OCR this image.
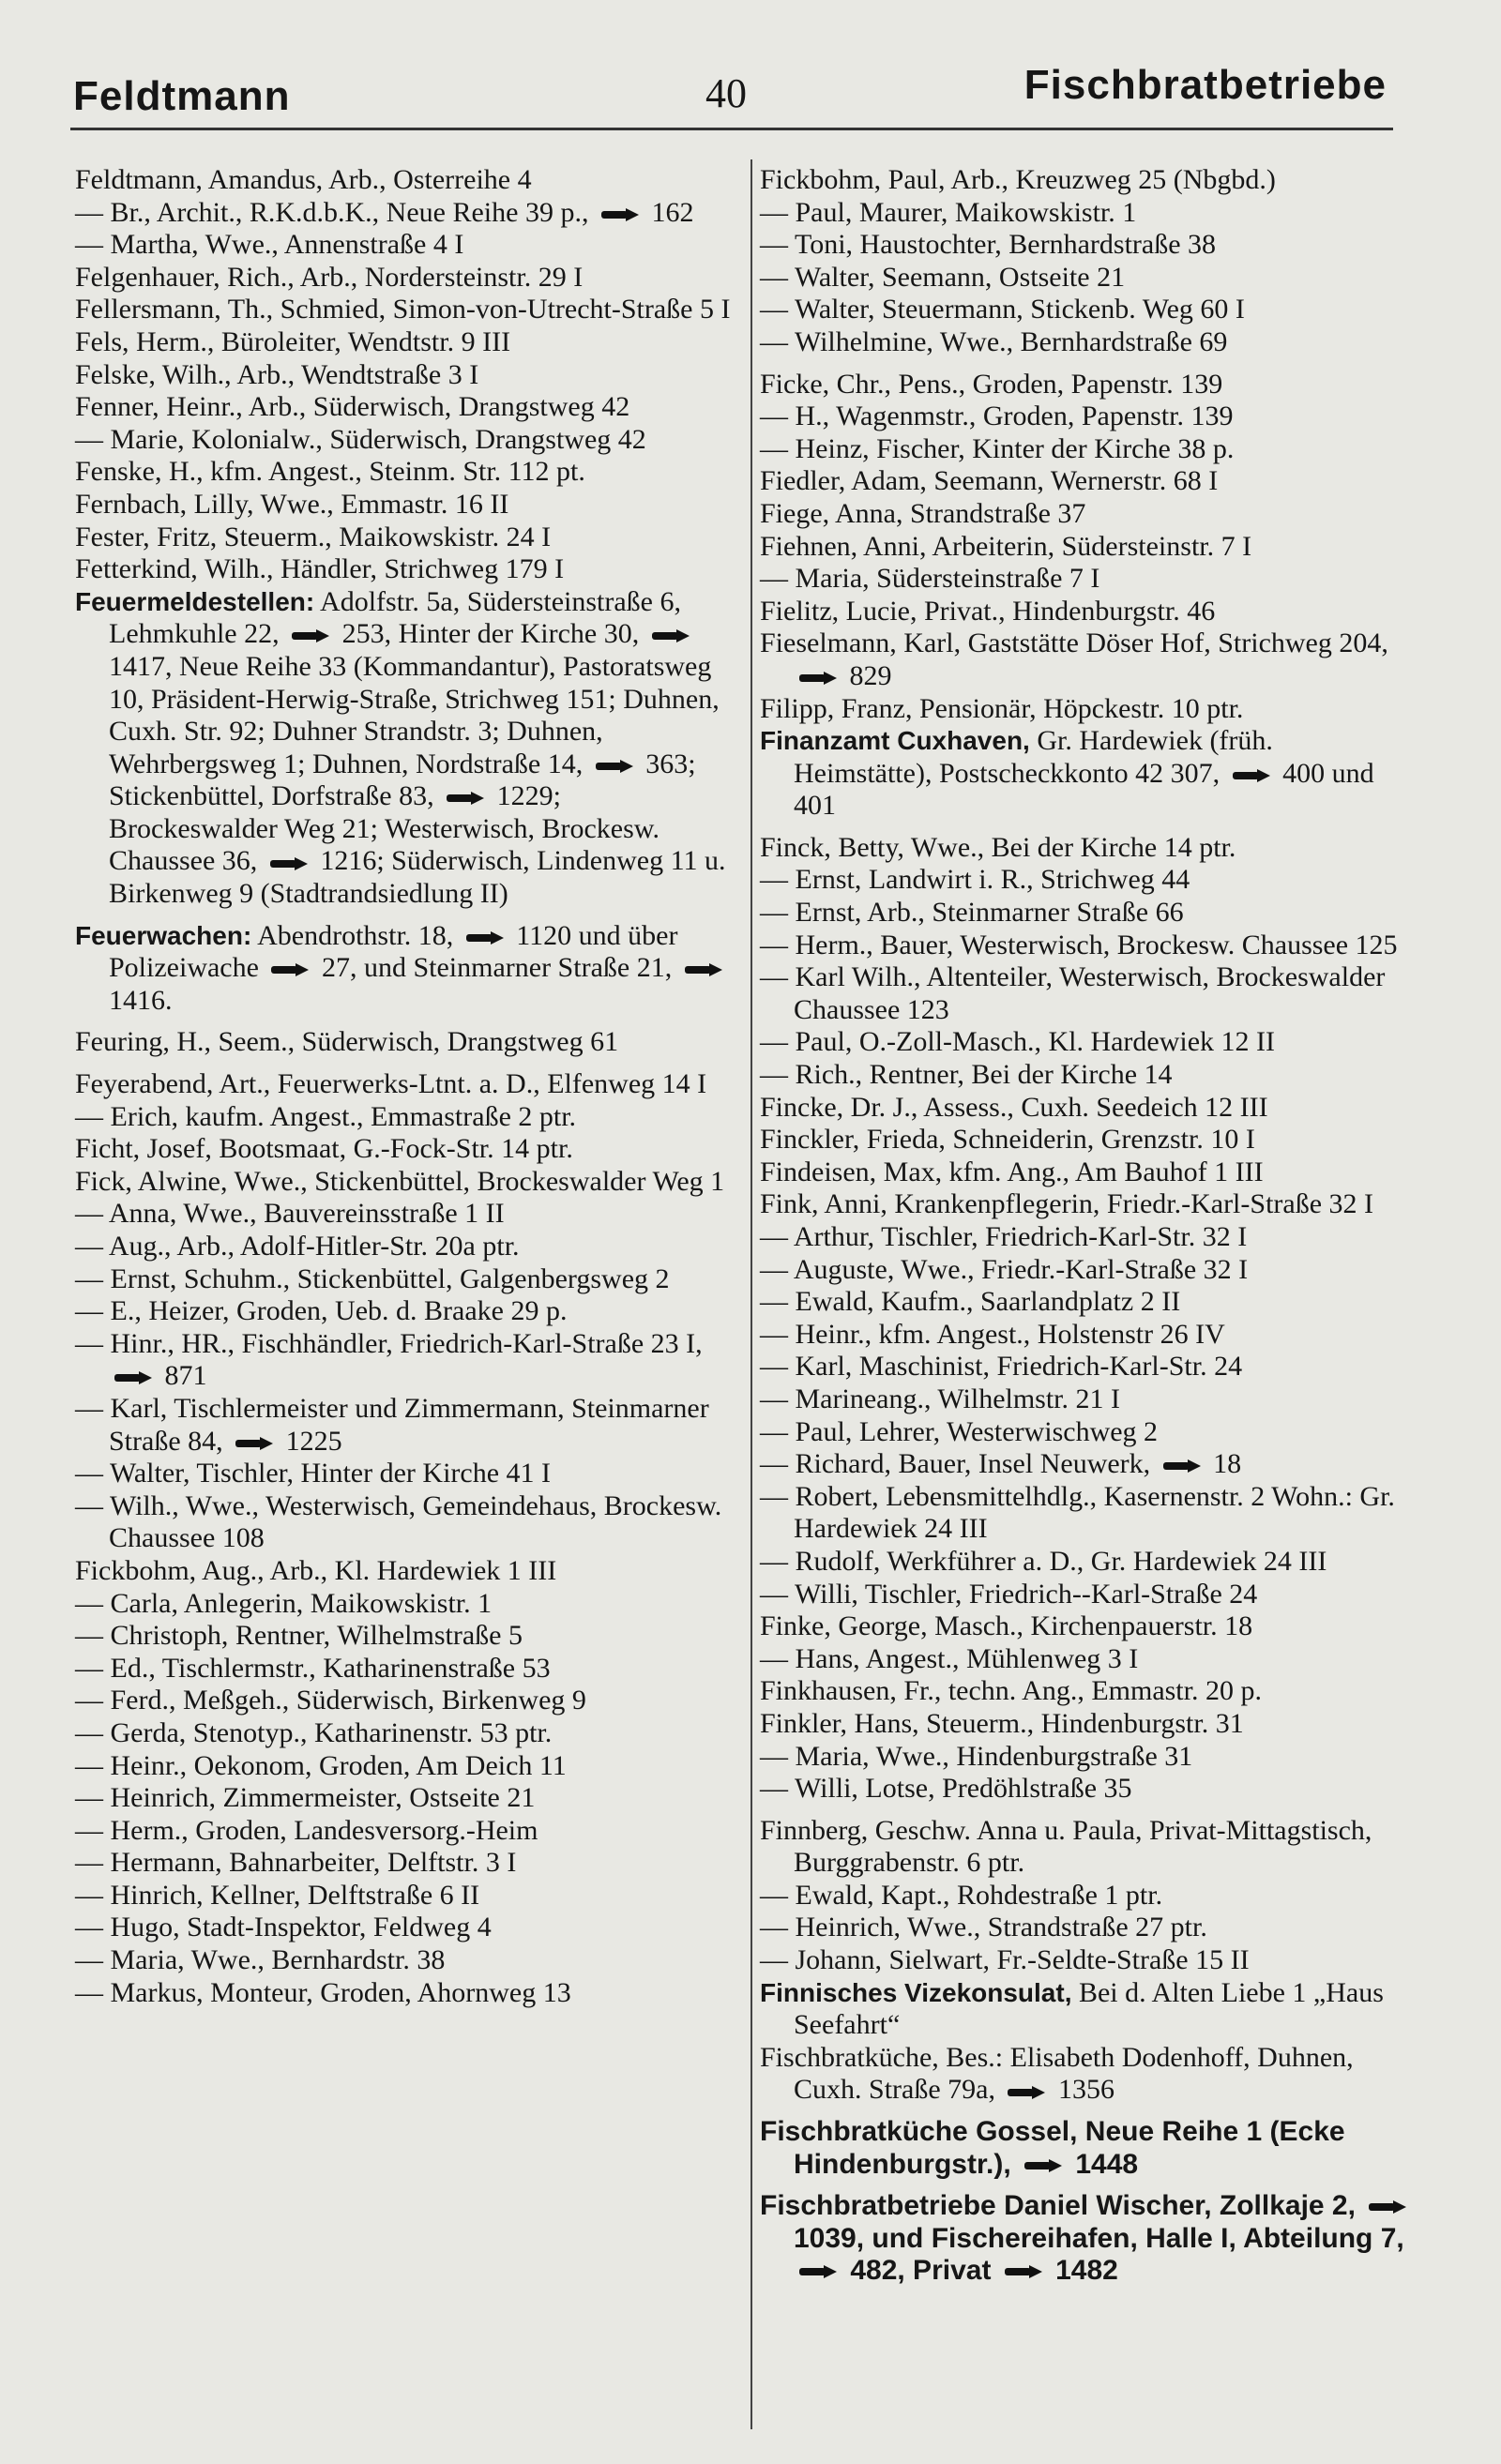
Feldtmann	40	Fischbratbetriebe

Feldtmann, Amandus, Arb., Osterreihe 4

— Br., Archit., R.K.d.b.K., Neue Reihe 39 p.,  162

— Martha, Wwe., Annenstraße 4 I

Felgenhauer, Rich., Arb., Nordersteinstr. 29 I

Fellersmann, Th., Schmied, Simon-von-Utrecht-Straße 5 I

Fels, Herm., Büroleiter, Wendtstr. 9 III

Felske, Wilh., Arb., Wendtstraße 3 I

Fenner, Heinr., Arb., Süderwisch, Drangstweg 42

— Marie, Kolonialw., Süderwisch, Drangstweg 42

Fenske, H., kfm. Angest., Steinm. Str. 112 pt.

Fernbach, Lilly, Wwe., Emmastr. 16 II

Fester, Fritz, Steuerm., Maikowskistr. 24 I

Fetterkind, Wilh., Händler, Strichweg 179 I

Feuermeldestellen: Adolfstr. 5a, Südersteinstraße 6, Lehmkuhle 22,  253, Hinter der Kirche 30,  1417, Neue Reihe 33 (Kommandantur), Pastoratsweg 10, Präsident-Herwig-Straße, Strichweg 151; Duhnen, Cuxh. Str. 92; Duhner Strandstr. 3; Duhnen, Wehrbergsweg 1; Duhnen, Nordstraße 14,  363; Stickenbüttel, Dorfstraße 83,  1229; Brockeswalder Weg 21; Westerwisch, Brockesw. Chaussee 36,  1216; Süderwisch, Lindenweg 11 u. Birkenweg 9 (Stadtrandsiedlung II)

Feuerwachen: Abendrothstr. 18,  1120 und über Polizeiwache  27, und Steinmarner Straße 21,  1416.

Feuring, H., Seem., Süderwisch, Drangstweg 61

Feyerabend, Art., Feuerwerks-Ltnt. a. D., Elfenweg 14 I

— Erich, kaufm. Angest., Emmastraße 2 ptr.

Ficht, Josef, Bootsmaat, G.-Fock-Str. 14 ptr.

Fick, Alwine, Wwe., Stickenbüttel, Brockeswalder Weg 1

— Anna, Wwe., Bauvereinsstraße 1 II

— Aug., Arb., Adolf-Hitler-Str. 20a ptr.

— Ernst, Schuhm., Stickenbüttel, Galgenbergsweg 2

— E., Heizer, Groden, Ueb. d. Braake 29 p.

— Hinr., HR., Fischhändler, Friedrich-Karl-Straße 23 I,  871

— Karl, Tischlermeister und Zimmermann, Steinmarner Straße 84,  1225

— Walter, Tischler, Hinter der Kirche 41 I

— Wilh., Wwe., Westerwisch, Gemeindehaus, Brockesw. Chaussee 108

Fickbohm, Aug., Arb., Kl. Hardewiek 1 III

— Carla, Anlegerin, Maikowskistr. 1

— Christoph, Rentner, Wilhelmstraße 5

— Ed., Tischlermstr., Katharinenstraße 53

— Ferd., Meßgeh., Süderwisch, Birkenweg 9

— Gerda, Stenotyp., Katharinenstr. 53 ptr.

— Heinr., Oekonom, Groden, Am Deich 11

— Heinrich, Zimmermeister, Ostseite 21

— Herm., Groden, Landesversorg.-Heim

— Hermann, Bahnarbeiter, Delftstr. 3 I

— Hinrich, Kellner, Delftstraße 6 II

— Hugo, Stadt-Inspektor, Feldweg 4

— Maria, Wwe., Bernhardstr. 38

— Markus, Monteur, Groden, Ahornweg 13

Fickbohm, Paul, Arb., Kreuzweg 25 (Nbgbd.)

— Paul, Maurer, Maikowskistr. 1

— Toni, Haustochter, Bernhardstraße 38

— Walter, Seemann, Ostseite 21

— Walter, Steuermann, Stickenb. Weg 60 I

— Wilhelmine, Wwe., Bernhardstraße 69

Ficke, Chr., Pens., Groden, Papenstr. 139

— H., Wagenmstr., Groden, Papenstr. 139

— Heinz, Fischer, Kinter der Kirche 38 p.

Fiedler, Adam, Seemann, Wernerstr. 68 I

Fiege, Anna, Strandstraße 37

Fiehnen, Anni, Arbeiterin, Südersteinstr. 7 I

— Maria, Südersteinstraße 7 I

Fielitz, Lucie, Privat., Hindenburgstr. 46

Fieselmann, Karl, Gaststätte Döser Hof, Strichweg 204,  829

Filipp, Franz, Pensionär, Höpckestr. 10 ptr.

Finanzamt Cuxhaven, Gr. Hardewiek (früh. Heimstätte), Postscheckkonto 42 307,  400 und 401

Finck, Betty, Wwe., Bei der Kirche 14 ptr.

— Ernst, Landwirt i. R., Strichweg 44

— Ernst, Arb., Steinmarner Straße 66

— Herm., Bauer, Westerwisch, Brockesw. Chaussee 125

— Karl Wilh., Altenteiler, Westerwisch, Brockeswalder Chaussee 123

— Paul, O.-Zoll-Masch., Kl. Hardewiek 12 II

— Rich., Rentner, Bei der Kirche 14

Fincke, Dr. J., Assess., Cuxh. Seedeich 12 III

Finckler, Frieda, Schneiderin, Grenzstr. 10 I

Findeisen, Max, kfm. Ang., Am Bauhof 1 III

Fink, Anni, Krankenpflegerin, Friedr.-Karl-Straße 32 I

— Arthur, Tischler, Friedrich-Karl-Str. 32 I

— Auguste, Wwe., Friedr.-Karl-Straße 32 I

— Ewald, Kaufm., Saarlandplatz 2 II

— Heinr., kfm. Angest., Holstenstr 26 IV

— Karl, Maschinist, Friedrich-Karl-Str. 24

— Marineang., Wilhelmstr. 21 I

— Paul, Lehrer, Westerwischweg 2

— Richard, Bauer, Insel Neuwerk,  18

— Robert, Lebensmittelhdlg., Kasernenstr. 2 Wohn.: Gr. Hardewiek 24 III

— Rudolf, Werkführer a. D., Gr. Hardewiek 24 III

— Willi, Tischler, Friedrich--Karl-Straße 24

Finke, George, Masch., Kirchenpauerstr. 18

— Hans, Angest., Mühlenweg 3 I

Finkhausen, Fr., techn. Ang., Emmastr. 20 p.

Finkler, Hans, Steuerm., Hindenburgstr. 31

— Maria, Wwe., Hindenburgstraße 31

— Willi, Lotse, Predöhlstraße 35

Finnberg, Geschw. Anna u. Paula, Privat-Mittagstisch, Burggrabenstr. 6 ptr.

— Ewald, Kapt., Rohdestraße 1 ptr.

— Heinrich, Wwe., Strandstraße 27 ptr.

— Johann, Sielwart, Fr.-Seldte-Straße 15 II

Finnisches Vizekonsulat, Bei d. Alten Liebe 1 „Haus Seefahrt“

Fischbratküche, Bes.: Elisabeth Dodenhoff, Duhnen, Cuxh. Straße 79a,  1356

Fischbratküche Gossel, Neue Reihe 1 (Ecke Hindenburgstr.),  1448

Fischbratbetriebe Daniel Wischer, Zollkaje 2,  1039, und Fischereihafen, Halle I, Abteilung 7,  482, Privat  1482
